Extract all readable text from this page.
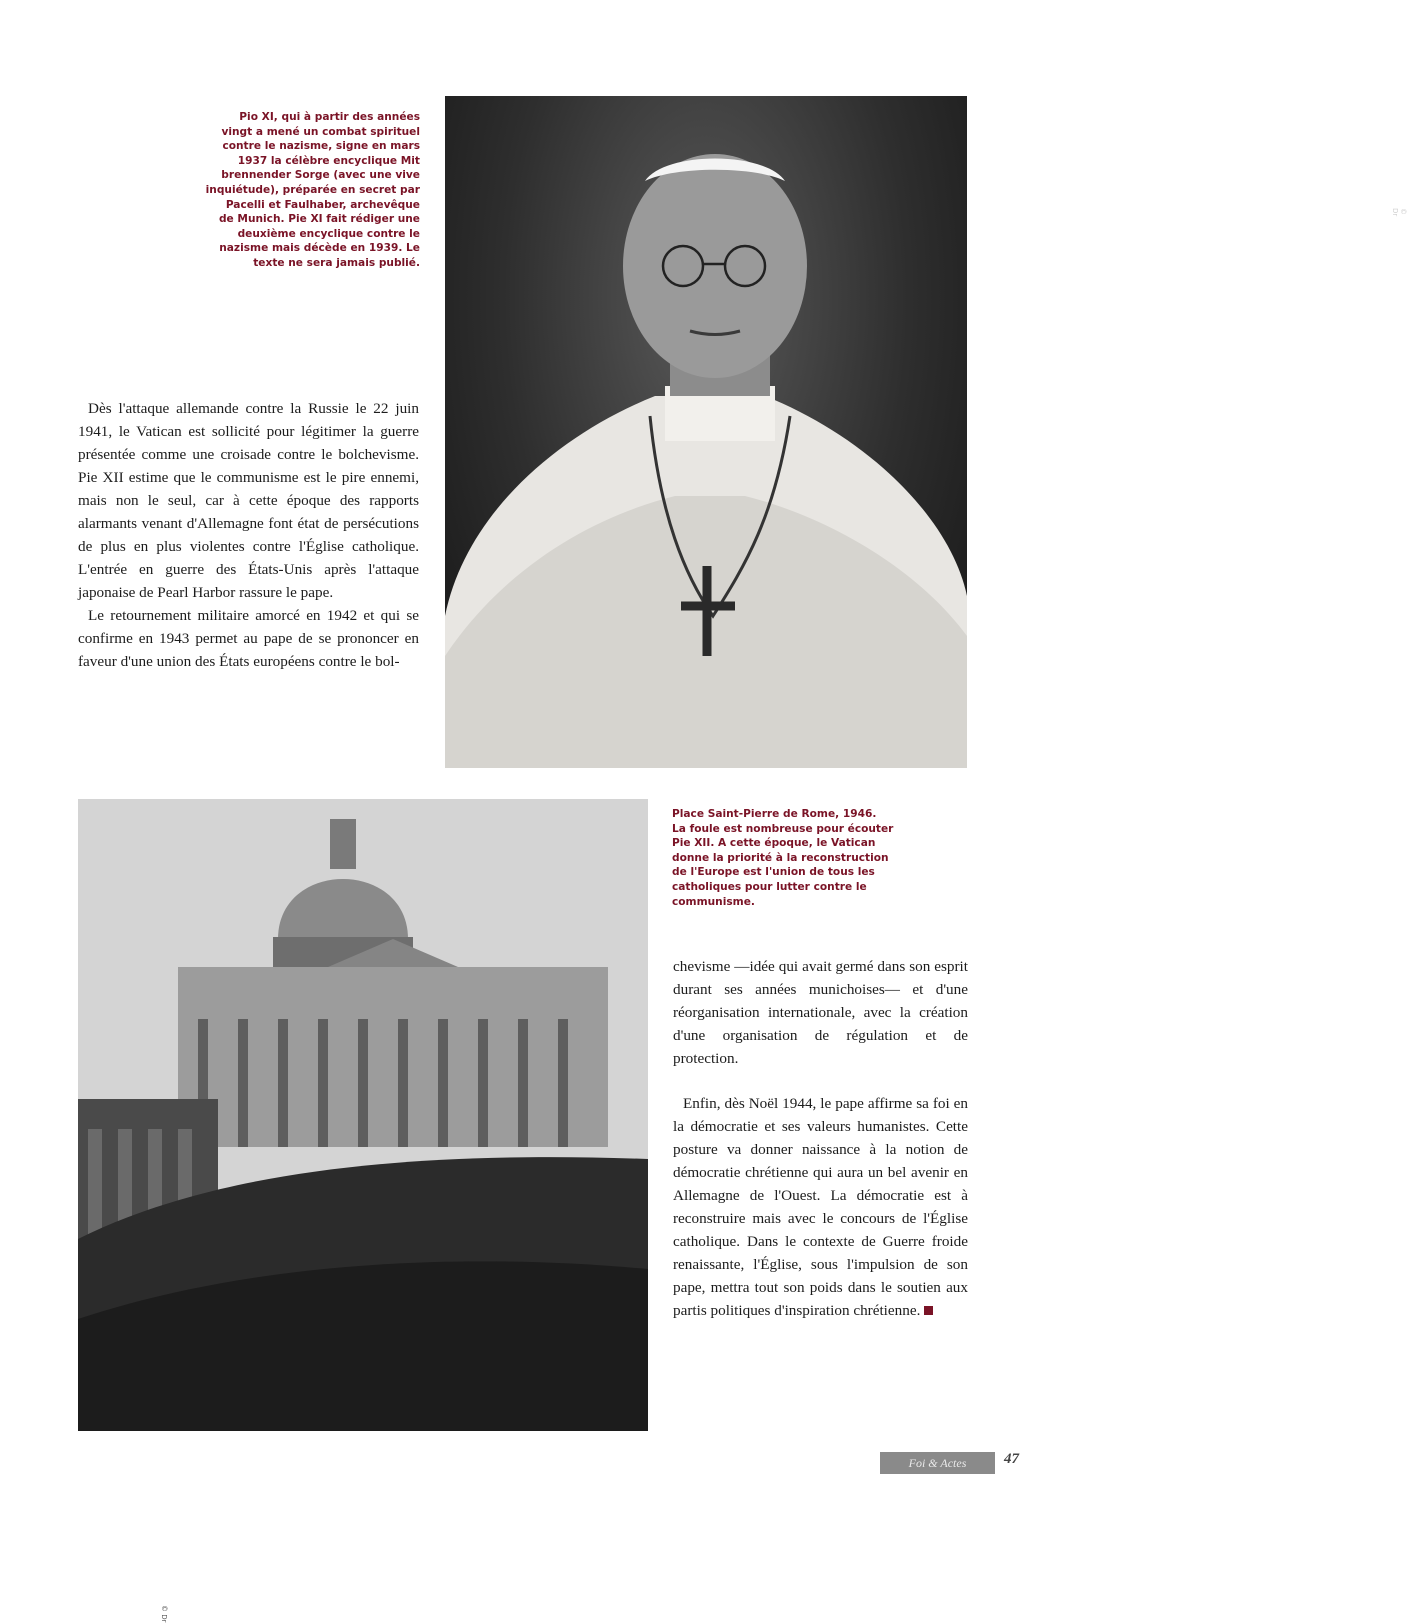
Pio XI, qui à partir des années

vingt a mené un combat spirituel

contre le nazisme, signe en mars

1937 la célèbre encyclique Mit

brennender Sorge (avec une vive

inquiétude), préparée en secret par

Pacelli et Faulhaber, archevêque

de Munich. Pie XI fait rédiger une

deuxième encyclique contre le

nazisme mais décède en 1939. Le

texte ne sera jamais publié.

© Dr

Dès l'attaque allemande contre la Russie le 22 juin 1941, le Vatican est sollicité pour légitimer la guerre présentée comme une croisade contre le bolchevisme. Pie XII estime que le communisme est le pire ennemi, mais non le seul, car à cette époque des rapports alarmants venant d'Allemagne font état de persécutions de plus en plus violentes contre l'Église catholique. L'entrée en guerre des États-Unis après l'attaque japonaise de Pearl Harbor rassure le pape.

Le retournement militaire amorcé en 1942 et qui se confirme en 1943 permet au pape de se prononcer en faveur d'une union des États européens contre le bol-

© Dr

Place Saint-Pierre de Rome, 1946.

La foule est nombreuse pour écouter

Pie XII. A cette époque, le Vatican

donne la priorité à la reconstruction

de l'Europe est l'union de tous les

catholiques pour lutter contre le

communisme.

chevisme —idée qui avait germé dans son esprit durant ses années munichoises— et d'une réorganisation internationale, avec la création d'une organisation de régulation et de protection.

Enfin, dès Noël 1944, le pape affirme sa foi en la démocratie et ses valeurs humanistes. Cette posture va donner naissance à la notion de démocratie chrétienne qui aura un bel avenir en Allemagne de l'Ouest. La démocratie est à reconstruire mais avec le concours de l'Église catholique. Dans le contexte de Guerre froide renaissante, l'Église, sous l'impulsion de son pape, mettra tout son poids dans le soutien aux partis politiques d'inspiration chrétienne.

Foi & Actes	47
